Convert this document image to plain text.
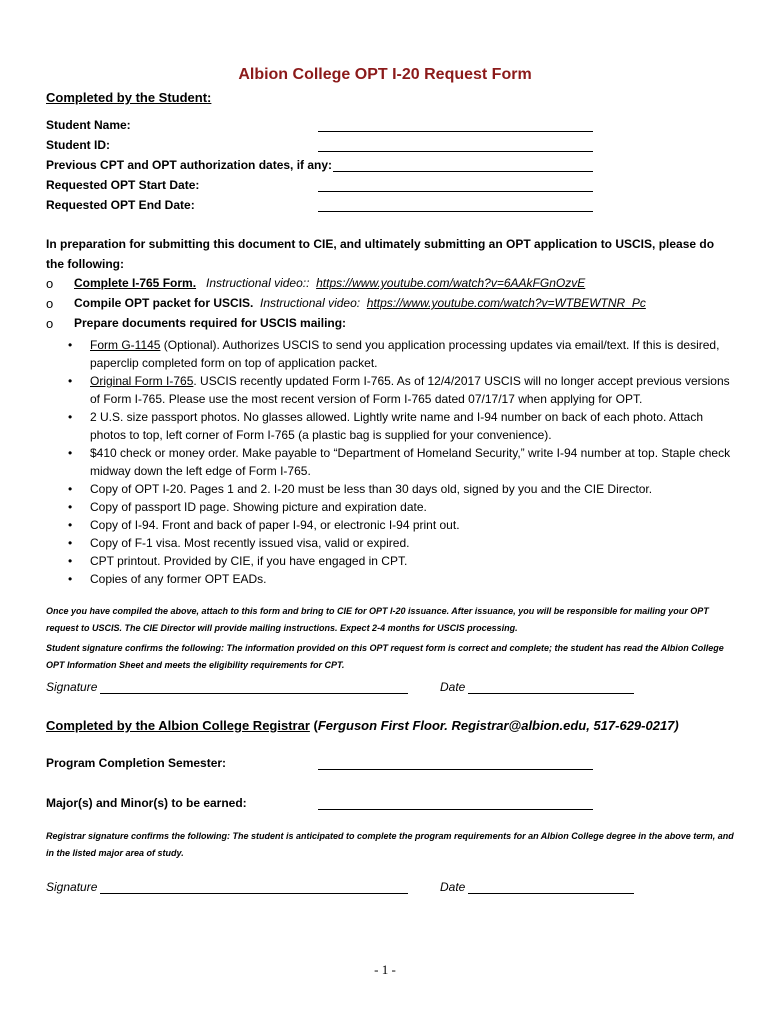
Albion College OPT I-20 Request Form
Completed by the Student:
Student Name:
Student ID:
Previous CPT and OPT authorization dates, if any:
Requested OPT Start Date:
Requested OPT End Date:
In preparation for submitting this document to CIE, and ultimately submitting an OPT application to USCIS, please do the following:
o Complete I-765 Form. Instructional video:: https://www.youtube.com/watch?v=6AAkFGnOzvE
o Compile OPT packet for USCIS. Instructional video: https://www.youtube.com/watch?v=WTBEWTNR_Pc
o Prepare documents required for USCIS mailing:
• Form G-1145 (Optional). Authorizes USCIS to send you application processing updates via email/text. If this is desired, paperclip completed form on top of application packet.
• Original Form I-765. USCIS recently updated Form I-765. As of 12/4/2017 USCIS will no longer accept previous versions of Form I-765. Please use the most recent version of Form I-765 dated 07/17/17 when applying for OPT.
• 2 U.S. size passport photos. No glasses allowed. Lightly write name and I-94 number on back of each photo. Attach photos to top, left corner of Form I-765 (a plastic bag is supplied for your convenience).
• $410 check or money order. Make payable to “Department of Homeland Security,” write I-94 number at top. Staple check midway down the left edge of Form I-765.
• Copy of OPT I-20. Pages 1 and 2. I-20 must be less than 30 days old, signed by you and the CIE Director.
• Copy of passport ID page. Showing picture and expiration date.
• Copy of I-94. Front and back of paper I-94, or electronic I-94 print out.
• Copy of F-1 visa. Most recently issued visa, valid or expired.
• CPT printout. Provided by CIE, if you have engaged in CPT.
• Copies of any former OPT EADs.
Once you have compiled the above, attach to this form and bring to CIE for OPT I-20 issuance. After issuance, you will be responsible for mailing your OPT request to USCIS. The CIE Director will provide mailing instructions. Expect 2-4 months for USCIS processing.
Student signature confirms the following: The information provided on this OPT request form is correct and complete; the student has read the Albion College OPT Information Sheet and meets the eligibility requirements for CPT.
Signature	Date
Completed by the Albion College Registrar (Ferguson First Floor. Registrar@albion.edu, 517-629-0217)
Program Completion Semester:
Major(s) and Minor(s) to be earned:
Registrar signature confirms the following: The student is anticipated to complete the program requirements for an Albion College degree in the above term, and in the listed major area of study.
Signature	Date
- 1 -
